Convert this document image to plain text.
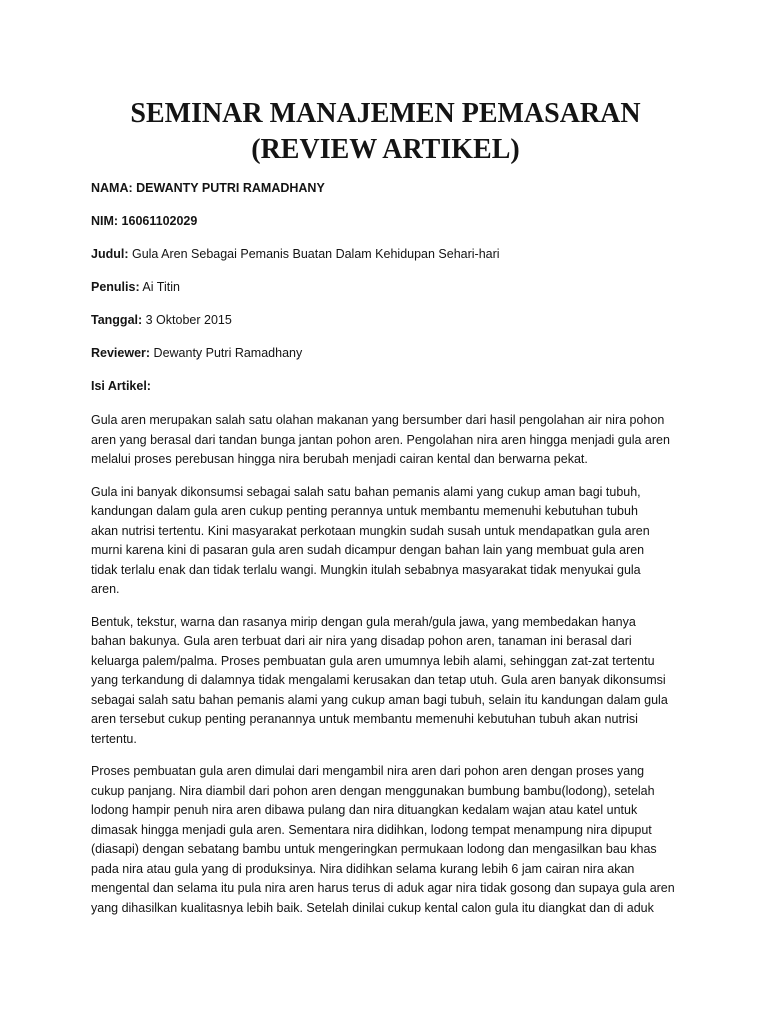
SEMINAR MANAJEMEN PEMASARAN
(REVIEW ARTIKEL)
NAMA: DEWANTY PUTRI RAMADHANY
NIM: 16061102029
Judul: Gula Aren Sebagai Pemanis Buatan Dalam Kehidupan Sehari-hari
Penulis: Ai Titin
Tanggal: 3 Oktober 2015
Reviewer: Dewanty Putri Ramadhany
Isi Artikel:

Gula aren merupakan salah satu olahan makanan yang bersumber dari hasil pengolahan air nira pohon
aren yang berasal dari tandan bunga jantan pohon aren. Pengolahan nira aren hingga menjadi gula aren
melalui proses perebusan hingga nira berubah menjadi cairan kental dan berwarna pekat.

Gula ini banyak dikonsumsi sebagai salah satu bahan pemanis alami yang cukup aman bagi tubuh,
kandungan dalam gula aren cukup penting perannya untuk membantu memenuhi kebutuhan tubuh
akan nutrisi tertentu. Kini masyarakat perkotaan mungkin sudah susah untuk mendapatkan gula aren
murni karena kini di pasaran gula aren sudah dicampur dengan bahan lain yang membuat gula aren
tidak terlalu enak dan tidak terlalu wangi. Mungkin itulah sebabnya masyarakat tidak menyukai gula
aren.

Bentuk, tekstur, warna dan rasanya mirip dengan gula merah/gula jawa, yang membedakan hanya
bahan bakunya. Gula aren terbuat dari air nira yang disadap pohon aren, tanaman ini berasal dari
keluarga palem/palma. Proses pembuatan gula aren umumnya lebih alami, sehinggan zat-zat tertentu
yang terkandung di dalamnya tidak mengalami kerusakan dan tetap utuh. Gula aren banyak dikonsumsi
sebagai salah satu bahan pemanis alami yang cukup aman bagi tubuh, selain itu kandungan dalam gula
aren tersebut cukup penting peranannya untuk membantu memenuhi kebutuhan tubuh akan nutrisi
tertentu.

Proses pembuatan gula aren dimulai dari mengambil nira aren dari pohon aren dengan proses yang
cukup panjang. Nira diambil dari pohon aren dengan menggunakan bumbung bambu(lodong), setelah
lodong hampir penuh nira aren dibawa pulang dan nira dituangkan kedalam wajan atau katel untuk
dimasak hingga menjadi gula aren. Sementara nira didihkan, lodong tempat menampung nira dipuput
(diasapi) dengan sebatang bambu untuk mengeringkan permukaan lodong dan mengasilkan bau khas
pada nira atau gula yang di produksinya. Nira didihkan selama kurang lebih 6 jam cairan nira akan
mengental dan selama itu pula nira aren harus terus di aduk agar nira tidak gosong dan supaya gula aren
yang dihasilkan kualitasnya lebih baik. Setelah dinilai cukup kental calon gula itu diangkat dan di aduk
